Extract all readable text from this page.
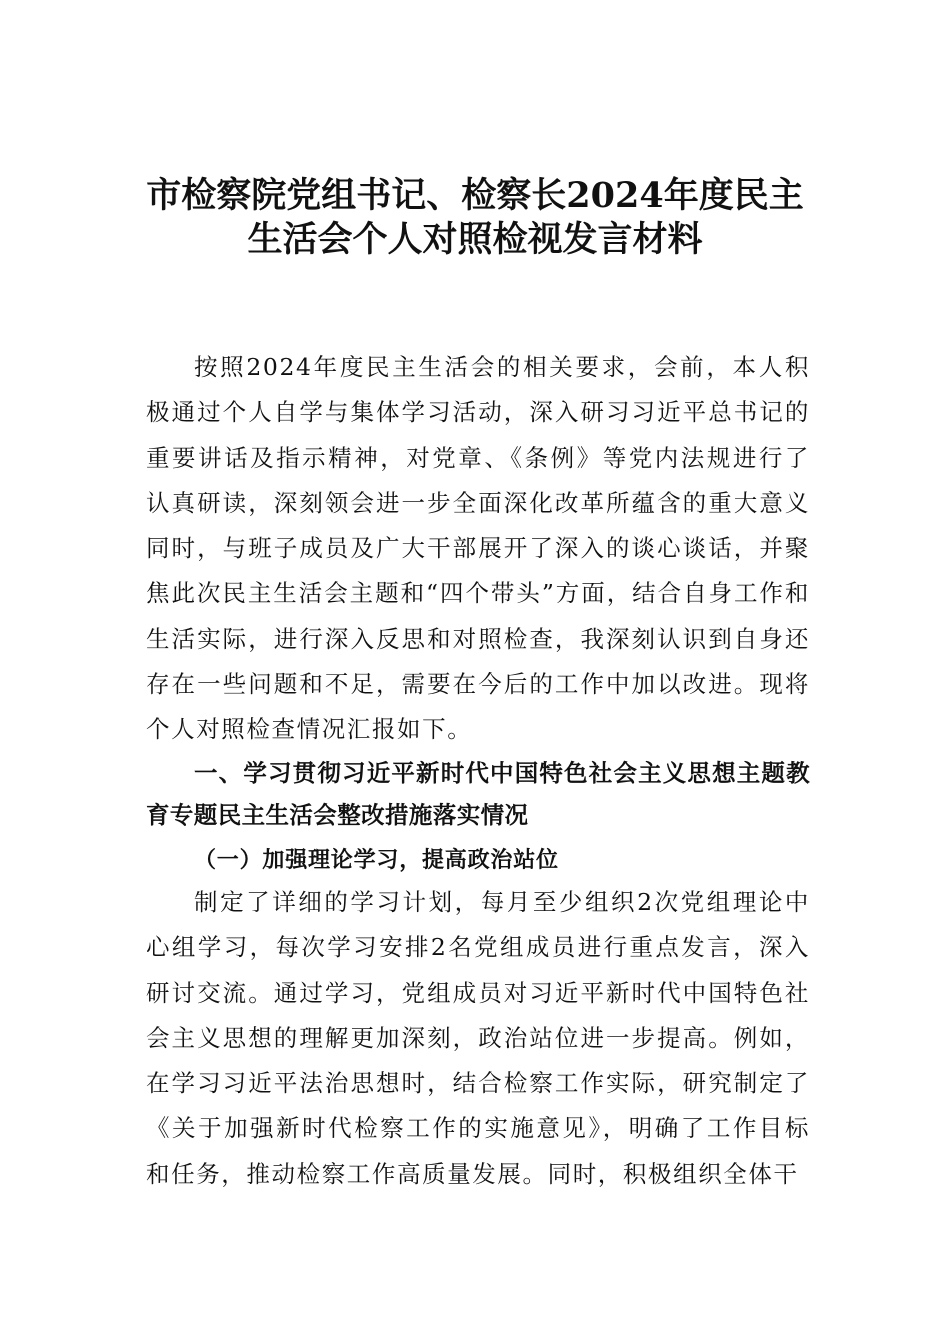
市检察院党组书记、检察长2024年度民主
生活会个人对照检视发言材料

按照2024年度民主生活会的相关要求，会前，本人积极通过个人自学与集体学习活动，深入研习习近平总书记的重要讲话及指示精神，对党章、《条例》等党内法规进行了认真研读，深刻领会进一步全面深化改革所蕴含的重大意义同时，与班子成员及广大干部展开了深入的谈心谈话，并聚焦此次民主生活会主题和“四个带头”方面，结合自身工作和生活实际，进行深入反思和对照检查，我深刻认识到自身还存在一些问题和不足，需要在今后的工作中加以改进。现将个人对照检查情况汇报如下。

一、学习贯彻习近平新时代中国特色社会主义思想主题教育专题民主生活会整改措施落实情况

（一）加强理论学习，提高政治站位

制定了详细的学习计划，每月至少组织2次党组理论中心组学习，每次学习安排2名党组成员进行重点发言，深入研讨交流。通过学习，党组成员对习近平新时代中国特色社会主义思想的理解更加深刻，政治站位进一步提高。例如，在学习习近平法治思想时，结合检察工作实际，研究制定了《关于加强新时代检察工作的实施意见》，明确了工作目标和任务，推动检察工作高质量发展。同时，积极组织全体干
